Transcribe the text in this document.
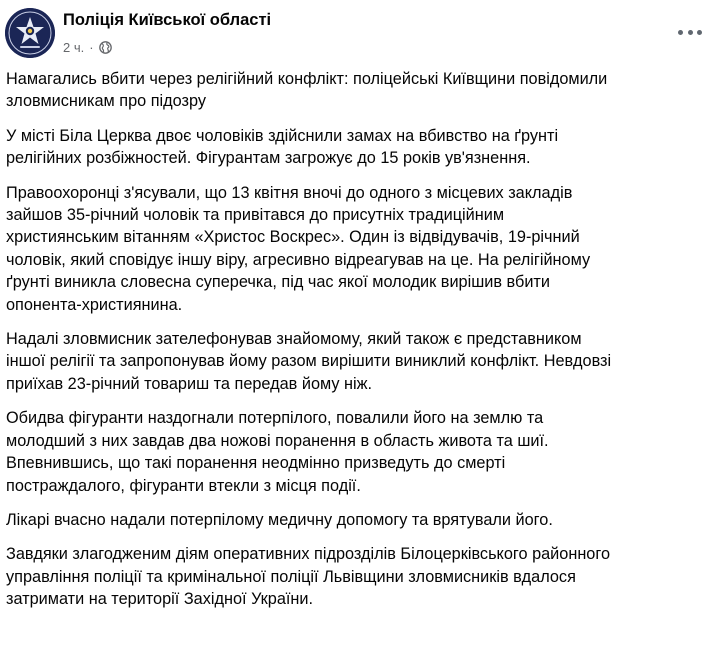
Поліція Київської області
2 ч. ·

Намагались вбити через релігійний конфлікт: поліцейські Київщини повідомили
зловмисникам про підозру

У місті Біла Церква двоє чоловіків здійснили замах на вбивство на ґрунті
релігійних розбіжностей. Фігурантам загрожує до 15 років ув'язнення.

Правоохоронці з'ясували, що 13 квітня вночі до одного з місцевих закладів
зайшов 35-річний чоловік та привітався до присутніх традиційним
християнським вітанням «Христос Воскрес». Один із відвідувачів, 19-річний
чоловік, який сповідує іншу віру, агресивно відреагував на це. На релігійному
ґрунті виникла словесна суперечка, під час якої молодик вирішив вбити
опонента-християнина.

Надалі зловмисник зателефонував знайомому, який також є представником
іншої релігії та запропонував йому разом вирішити виниклий конфлікт. Невдовзі
приїхав 23-річний товариш та передав йому ніж.

Обидва фігуранти наздогнали потерпілого, повалили його на землю та
молодший з них завдав два ножові поранення в область живота та шиї.
Впевнившись, що такі поранення неодмінно призведуть до смерті
постраждалого, фігуранти втекли з місця події.

Лікарі вчасно надали потерпілому медичну допомогу та врятували його.

Завдяки злагодженим діям оперативних підрозділів Білоцерківського районного
управління поліції та кримінальної поліції Львівщини зловмисників вдалося
затримати на території Західної України.
